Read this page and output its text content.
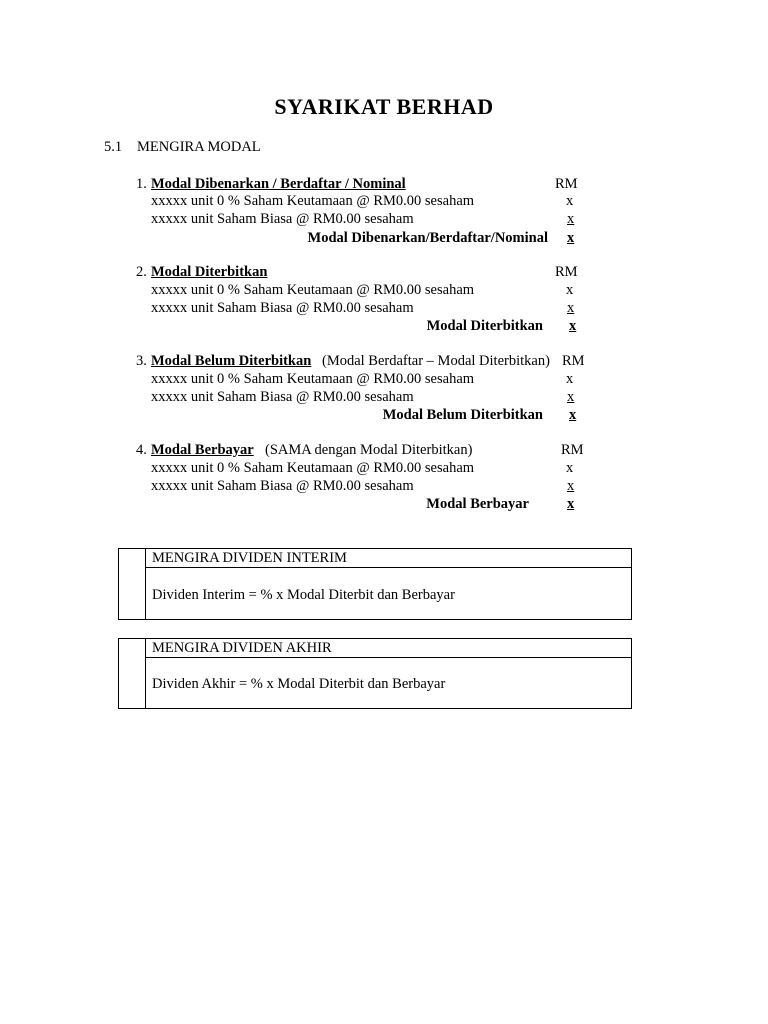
SYARIKAT BERHAD
5.1 MENGIRA MODAL
1. Modal Dibenarkan / Berdaftar / Nominal	RM
xxxxx unit 0 % Saham Keutamaan @ RM0.00 sesaham	x
xxxxx unit Saham Biasa @ RM0.00 sesaham	x
Modal Dibenarkan/Berdaftar/Nominal x
2. Modal Diterbitkan	RM
xxxxx unit 0 % Saham Keutamaan @ RM0.00 sesaham	x
xxxxx unit Saham Biasa @ RM0.00 sesaham	x
Modal Diterbitkan x
3. Modal Belum Diterbitkan (Modal Berdaftar – Modal Diterbitkan) RM
xxxxx unit 0 % Saham Keutamaan @ RM0.00 sesaham	x
xxxxx unit Saham Biasa @ RM0.00 sesaham	x
Modal Belum Diterbitkan x
4. Modal Berbayar (SAMA dengan Modal Diterbitkan)	RM
xxxxx unit 0 % Saham Keutamaan @ RM0.00 sesaham	x
xxxxx unit Saham Biasa @ RM0.00 sesaham	x
Modal Berbayar	x
MENGIRA DIVIDEN INTERIM
Dividen Interim = % x Modal Diterbit dan Berbayar
MENGIRA DIVIDEN AKHIR
Dividen Akhir = % x Modal Diterbit dan Berbayar
